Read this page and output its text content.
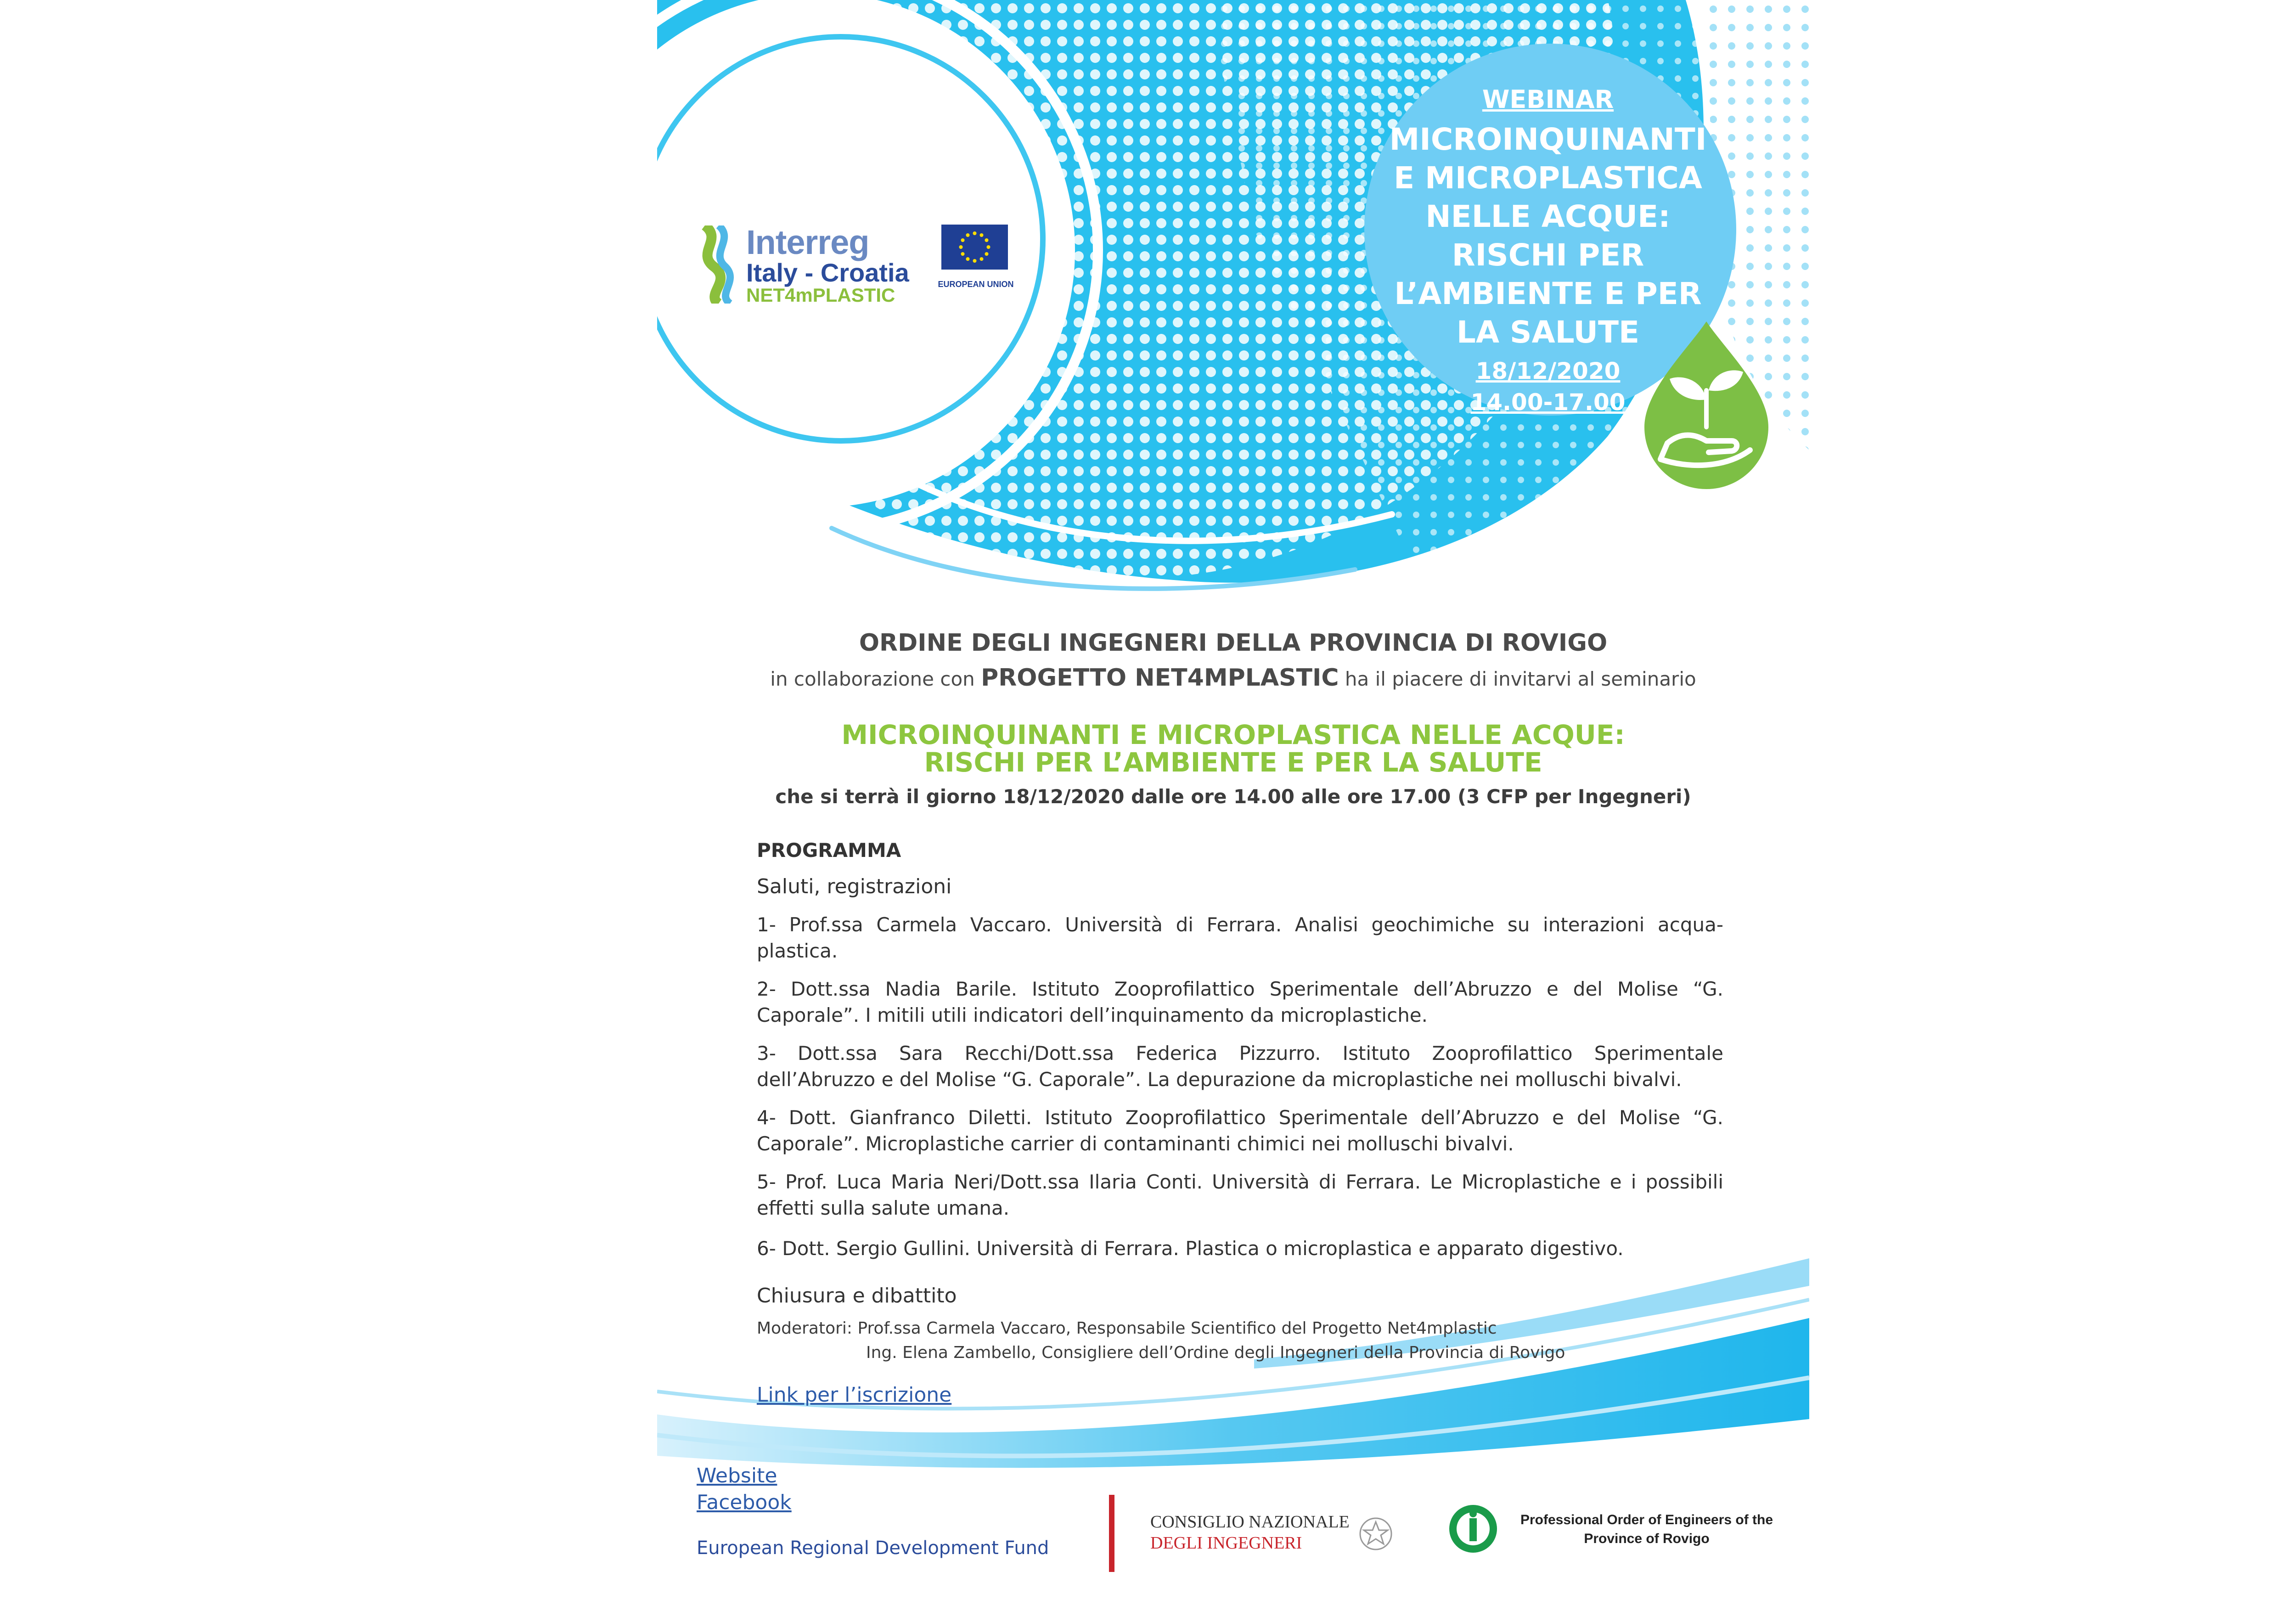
Interreg
Italy - Croatia
NET4mPLASTIC	EUROPEAN UNION
WEBINAR
MICROINQUINANTI
E MICROPLASTICA
NELLE ACQUE:
RISCHI PER
L’AMBIENTE E PER
LA SALUTE
18/12/2020
14.00-17.00
ORDINE DEGLI INGEGNERI DELLA PROVINCIA DI ROVIGO
in collaborazione con PROGETTO NET4MPLASTIC ha il piacere di invitarvi al seminario
MICROINQUINANTI E MICROPLASTICA NELLE ACQUE:
RISCHI PER L’AMBIENTE E PER LA SALUTE
che si terrà il giorno 18/12/2020 dalle ore 14.00 alle ore 17.00 (3 CFP per Ingegneri)
PROGRAMMA
Saluti, registrazioni
1- Prof.ssa Carmela Vaccaro. Università di Ferrara. Analisi geochimiche su interazioni acqua-plastica.
2- Dott.ssa Nadia Barile. Istituto Zooprofilattico Sperimentale dell’Abruzzo e del Molise “G. Caporale”. I mitili utili indicatori dell’inquinamento da microplastiche.
3- Dott.ssa Sara Recchi/Dott.ssa Federica Pizzurro. Istituto Zooprofilattico Sperimentale dell’Abruzzo e del Molise “G. Caporale”. La depurazione da microplastiche nei molluschi bivalvi.
4- Dott. Gianfranco Diletti. Istituto Zooprofilattico Sperimentale dell’Abruzzo e del Molise “G. Caporale”. Microplastiche carrier di contaminanti chimici nei molluschi bivalvi.
5- Prof. Luca Maria Neri/Dott.ssa Ilaria Conti. Università di Ferrara. Le Microplastiche e i possibili effetti sulla salute umana.
6- Dott. Sergio Gullini. Università di Ferrara. Plastica o microplastica e apparato digestivo.
Chiusura e dibattito
Moderatori: Prof.ssa Carmela Vaccaro, Responsabile Scientifico del Progetto Net4mplastic
Ing. Elena Zambello, Consigliere dell’Ordine degli Ingegneri della Provincia di Rovigo
Link per l’iscrizione
Website
Facebook
European Regional Development Fund
CONSIGLIO NAZIONALE
DEGLI INGEGNERI
Professional Order of Engineers of the
Province of Rovigo
